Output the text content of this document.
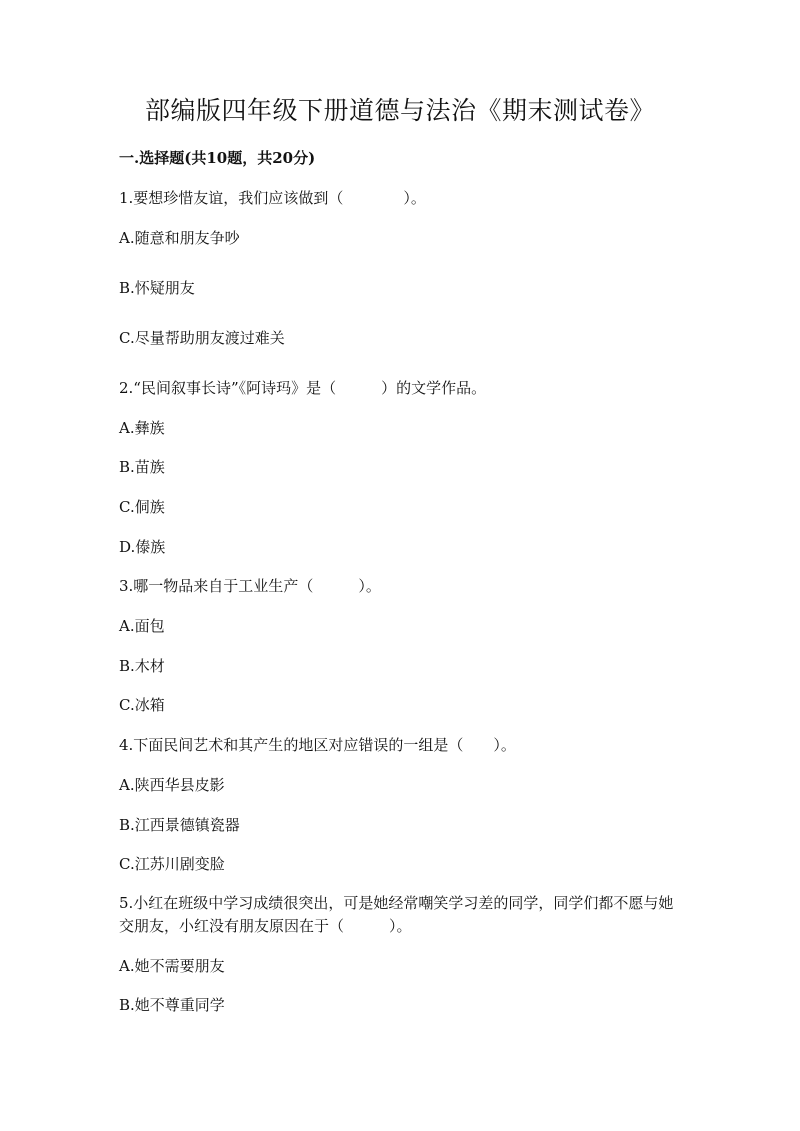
部编版四年级下册道德与法治《期末测试卷》
一.选择题(共10题，共20分)
1.要想珍惜友谊，我们应该做到（　　　　）。
A.随意和朋友争吵
B.怀疑朋友
C.尽量帮助朋友渡过难关
2.“民间叙事长诗”《阿诗玛》是（　　　）的文学作品。
A.彝族
B.苗族
C.侗族
D.傣族
3.哪一物品来自于工业生产（　　　）。
A.面包
B.木材
C.冰箱
4.下面民间艺术和其产生的地区对应错误的一组是（　　）。
A.陕西华县皮影
B.江西景德镇瓷器
C.江苏川剧变脸
5.小红在班级中学习成绩很突出，可是她经常嘲笑学习差的同学，同学们都不愿与她交朋友，小红没有朋友原因在于（　　　）。
A.她不需要朋友
B.她不尊重同学
